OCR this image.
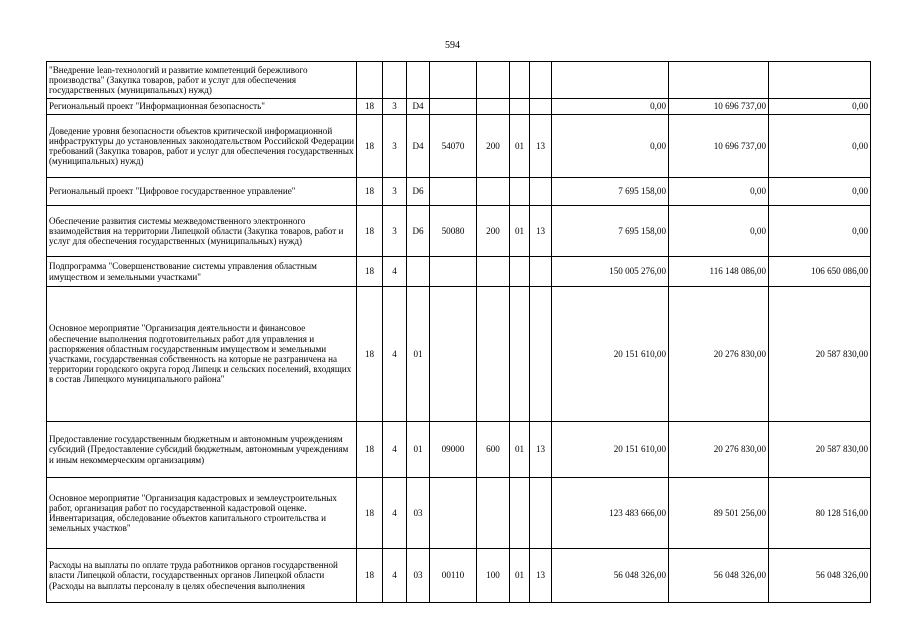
594
"Внедрение lean-технологий и развитие компетенций бережливого производства" (Закупка товаров, работ и услуг для обеспечения государственных (муниципальных) нужд)										
Региональный проект "Информационная безопасность"	18	3	D4					0,00	10 696 737,00	0,00
Доведение уровня безопасности объектов критической информационной инфраструктуры до установленных законодательством Российской Федерации требований (Закупка товаров, работ и услуг для обеспечения государственных (муниципальных) нужд)	18	3	D4	54070	200	01	13	0,00	10 696 737,00	0,00
Региональный проект "Цифровое государственное управление"	18	3	D6					7 695 158,00	0,00	0,00
Обеспечение развития системы межведомственного электронного взаимодействия на территории Липецкой области (Закупка товаров, работ и услуг для обеспечения государственных (муниципальных) нужд)	18	3	D6	50080	200	01	13	7 695 158,00	0,00	0,00
Подпрограмма "Совершенствование системы управления областным имуществом и земельными участками"	18	4						150 005 276,00	116 148 086,00	106 650 086,00
Основное мероприятие "Организация деятельности и финансовое обеспечение выполнения подготовительных работ для управления и распоряжения областным государственным имуществом и земельными участками, государственная собственность на которые не разграничена на территории городского округа город Липецк и сельских поселений, входящих в состав Липецкого муниципального района"	18	4	01					20 151 610,00	20 276 830,00	20 587 830,00
Предоставление государственным бюджетным и автономным учреждениям субсидий (Предоставление субсидий бюджетным, автономным учреждениям и иным некоммерческим организациям)	18	4	01	09000	600	01	13	20 151 610,00	20 276 830,00	20 587 830,00
Основное мероприятие "Организация кадастровых и землеустроительных работ, организация работ по государственной кадастровой оценке. Инвентаризация, обследование объектов капитального строительства и земельных участков"	18	4	03					123 483 666,00	89 501 256,00	80 128 516,00
Расходы на выплаты по оплате труда работников органов государственной власти Липецкой области, государственных органов Липецкой области (Расходы на выплаты персоналу в целях обеспечения выполнения	18	4	03	00110	100	01	13	56 048 326,00	56 048 326,00	56 048 326,00
